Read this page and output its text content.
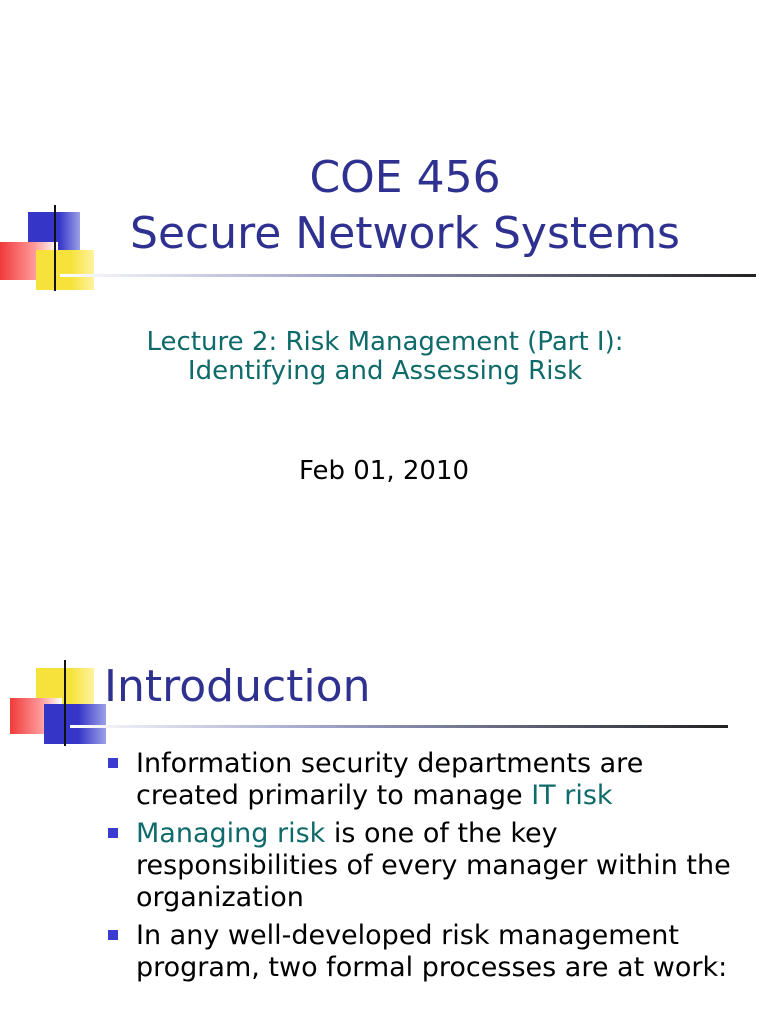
COE 456
Secure Network Systems

Lecture 2: Risk Management (Part I):
Identifying and Assessing Risk

Feb 01, 2010

Introduction
Information security departments are created primarily to manage IT risk
Managing risk is one of the key responsibilities of every manager within the organization
In any well-developed risk management program, two formal processes are at work:
